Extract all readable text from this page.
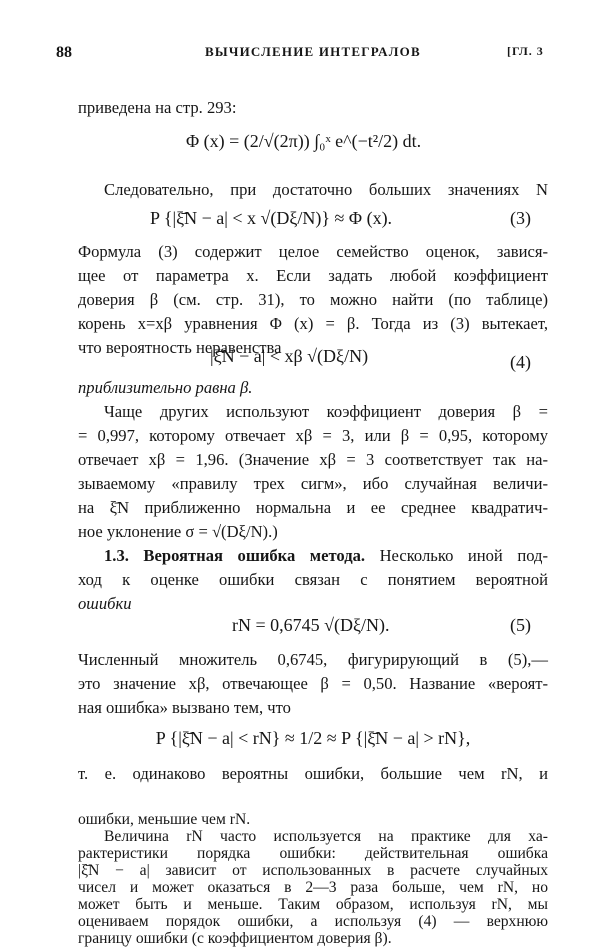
88	ВЫЧИСЛЕНИЕ ИНТЕГРАЛОВ	[ГЛ. 3
приведена на стр. 293:
Φ (x) = (2/√(2π)) ∫₀ˣ e^(−t²/2) dt.
Следовательно, при достаточно больших значениях N
P {|ξ̄N − a| < x √(Dξ/N)} ≈ Φ (x).	(3)
Формула (3) содержит целое семейство оценок, завися-
щее от параметра x. Если задать любой коэффициент
доверия β (см. стр. 31), то можно найти (по таблице)
корень x=xβ уравнения Φ (x) = β. Тогда из (3) вытекает,
что вероятность неравенства
|ξ̄N − a| < xβ √(Dξ/N)	(4)
приблизительно равна β.
Чаще других используют коэффициент доверия β =
= 0,997, которому отвечает xβ = 3, или β = 0,95, которому
отвечает xβ = 1,96. (Значение xβ = 3 соответствует так на-
зываемому «правилу трех сигм», ибо случайная величи-
на ξ̄N приближенно нормальна и ее среднее квадратич-
ное уклонение σ = √(Dξ/N).)
1.3. Вероятная ошибка метода. Несколько иной под-
ход к оценке ошибки связан с понятием вероятной
ошибки
rN = 0,6745 √(Dξ/N).	(5)
Численный множитель 0,6745, фигурирующий в (5),—
это значение xβ, отвечающее β = 0,50. Название «вероят-
ная ошибка» вызвано тем, что
P {|ξ̄N − a| < rN} ≈ 1/2 ≈ P {|ξ̄N − a| > rN},
т. е. одинаково вероятны ошибки, большие чем rN, и
ошибки, меньшие чем rN.
Величина rN часто используется на практике для ха-
рактеристики порядка ошибки: действительная ошибка
|ξ̄N − a| зависит от использованных в расчете случайных
чисел и может оказаться в 2—3 раза больше, чем rN, но
может быть и меньше. Таким образом, используя rN, мы
оцениваем порядок ошибки, а используя (4) — верхнюю
границу ошибки (с коэффициентом доверия β).
